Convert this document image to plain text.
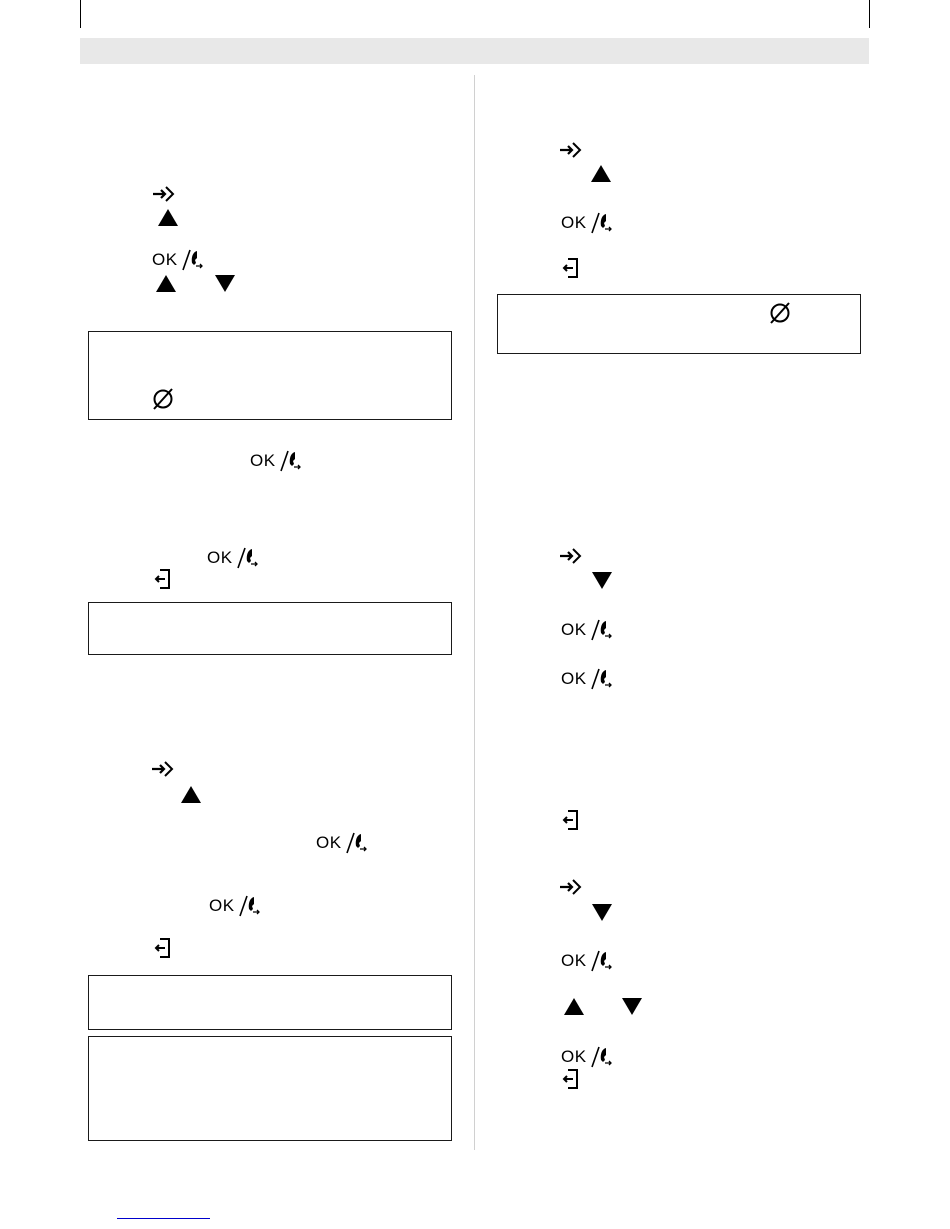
OK
OK
OK
OK
OK
OK
OK
OK
OK
OK
